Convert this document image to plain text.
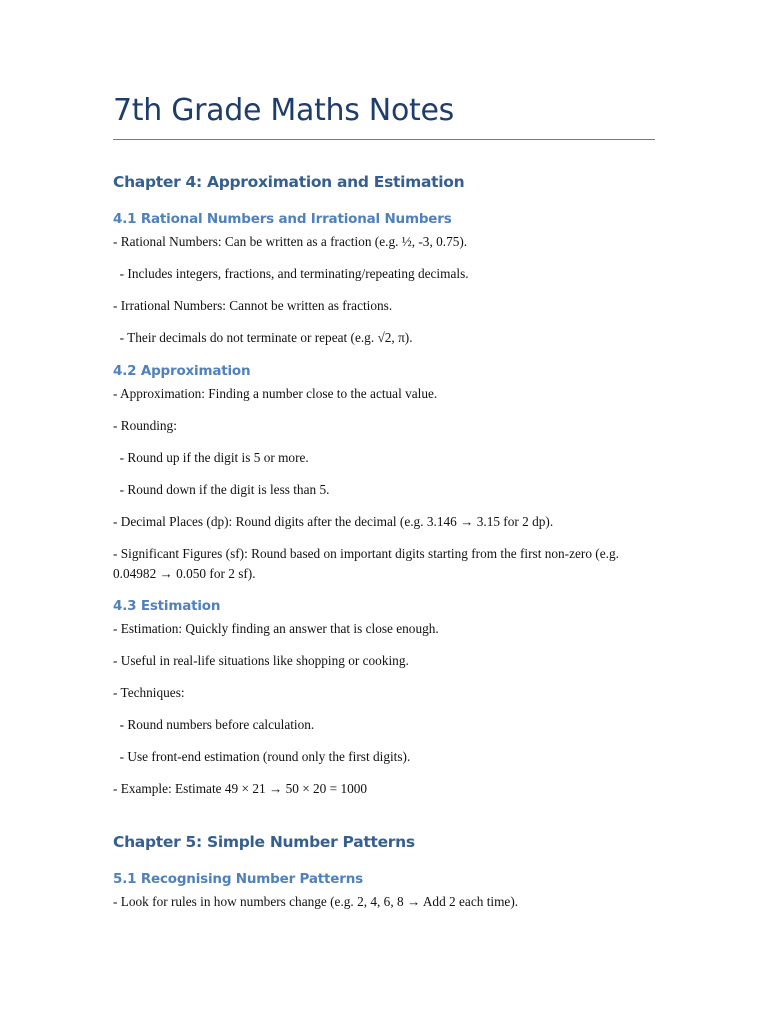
7th Grade Maths Notes
Chapter 4: Approximation and Estimation
4.1 Rational Numbers and Irrational Numbers
- Rational Numbers: Can be written as a fraction (e.g. ½, -3, 0.75).
- Includes integers, fractions, and terminating/repeating decimals.
- Irrational Numbers: Cannot be written as fractions.
- Their decimals do not terminate or repeat (e.g. √2, π).
4.2 Approximation
- Approximation: Finding a number close to the actual value.
- Rounding:
- Round up if the digit is 5 or more.
- Round down if the digit is less than 5.
- Decimal Places (dp): Round digits after the decimal (e.g. 3.146 → 3.15 for 2 dp).
- Significant Figures (sf): Round based on important digits starting from the first non-zero (e.g. 0.04982 → 0.050 for 2 sf).
4.3 Estimation
- Estimation: Quickly finding an answer that is close enough.
- Useful in real-life situations like shopping or cooking.
- Techniques:
- Round numbers before calculation.
- Use front-end estimation (round only the first digits).
- Example: Estimate 49 × 21 → 50 × 20 = 1000
Chapter 5: Simple Number Patterns
5.1 Recognising Number Patterns
- Look for rules in how numbers change (e.g. 2, 4, 6, 8 → Add 2 each time).
